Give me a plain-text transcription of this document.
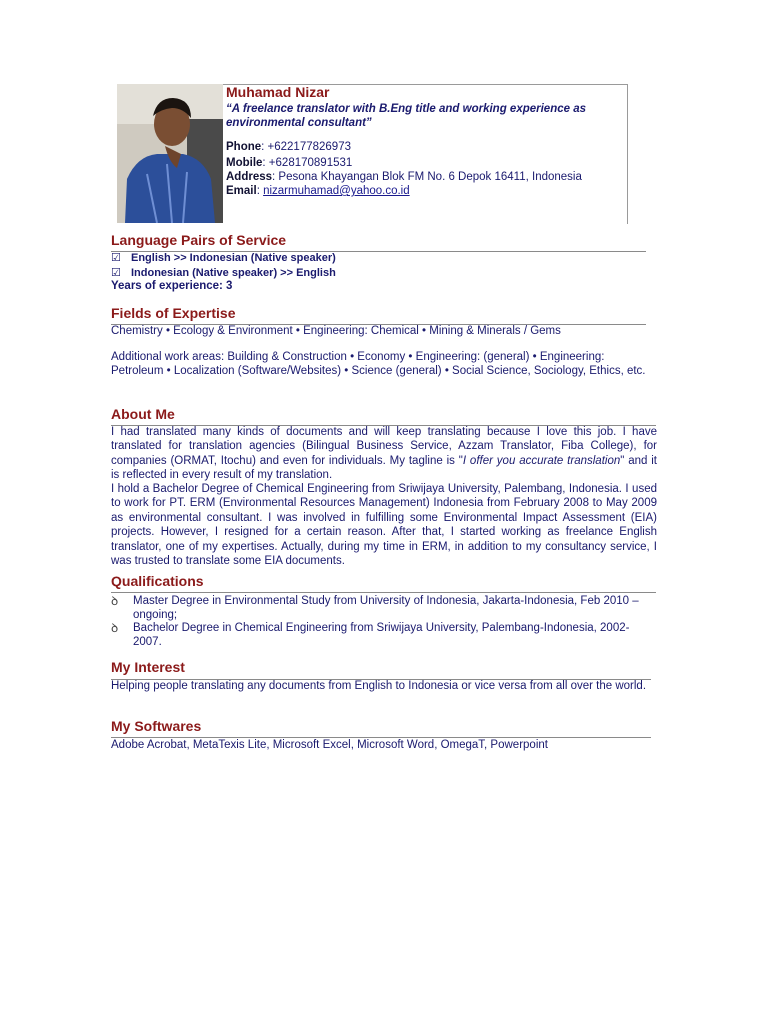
Muhamad Nizar
“A freelance translator with B.Eng title and working experience as environmental consultant”
Phone: +622177826973
Mobile: +628170891531
Address: Pesona Khayangan Blok FM No. 6 Depok 16411, Indonesia
Email: nizarmuhamad@yahoo.co.id
Language Pairs of Service
☑ English >> Indonesian (Native speaker)
☑ Indonesian (Native speaker) >> English
Years of experience: 3
Fields of Expertise
Chemistry • Ecology & Environment • Engineering: Chemical • Mining & Minerals / Gems
Additional work areas: Building & Construction • Economy • Engineering: (general) • Engineering: Petroleum • Localization (Software/Websites) • Science (general) • Social Science, Sociology, Ethics, etc.
About Me
I had translated many kinds of documents and will keep translating because I love this job. I have translated for translation agencies (Bilingual Business Service, Azzam Translator, Fiba College), for companies (ORMAT, Itochu) and even for individuals. My tagline is "I offer you accurate translation" and it is reflected in every result of my translation.
I hold a Bachelor Degree of Chemical Engineering from Sriwijaya University, Palembang, Indonesia. I used to work for PT. ERM (Environmental Resources Management) Indonesia from February 2008 to May 2009 as environmental consultant. I was involved in fulfilling some Environmental Impact Assessment (EIA) projects. However, I resigned for a certain reason. After that, I started working as freelance English translator, one of my expertises. Actually, during my time in ERM, in addition to my consultancy service, I was trusted to translate some EIA documents.
Qualifications
ꝺ	Master Degree in Environmental Study from University of Indonesia, Jakarta-Indonesia, Feb 2010 – ongoing;
ꝺ	Bachelor Degree in Chemical Engineering from Sriwijaya University, Palembang-Indonesia, 2002-2007.
My Interest
Helping people translating any documents from English to Indonesia or vice versa from all over the world.
My Softwares
Adobe Acrobat, MetaTexis Lite, Microsoft Excel, Microsoft Word, OmegaT, Powerpoint
